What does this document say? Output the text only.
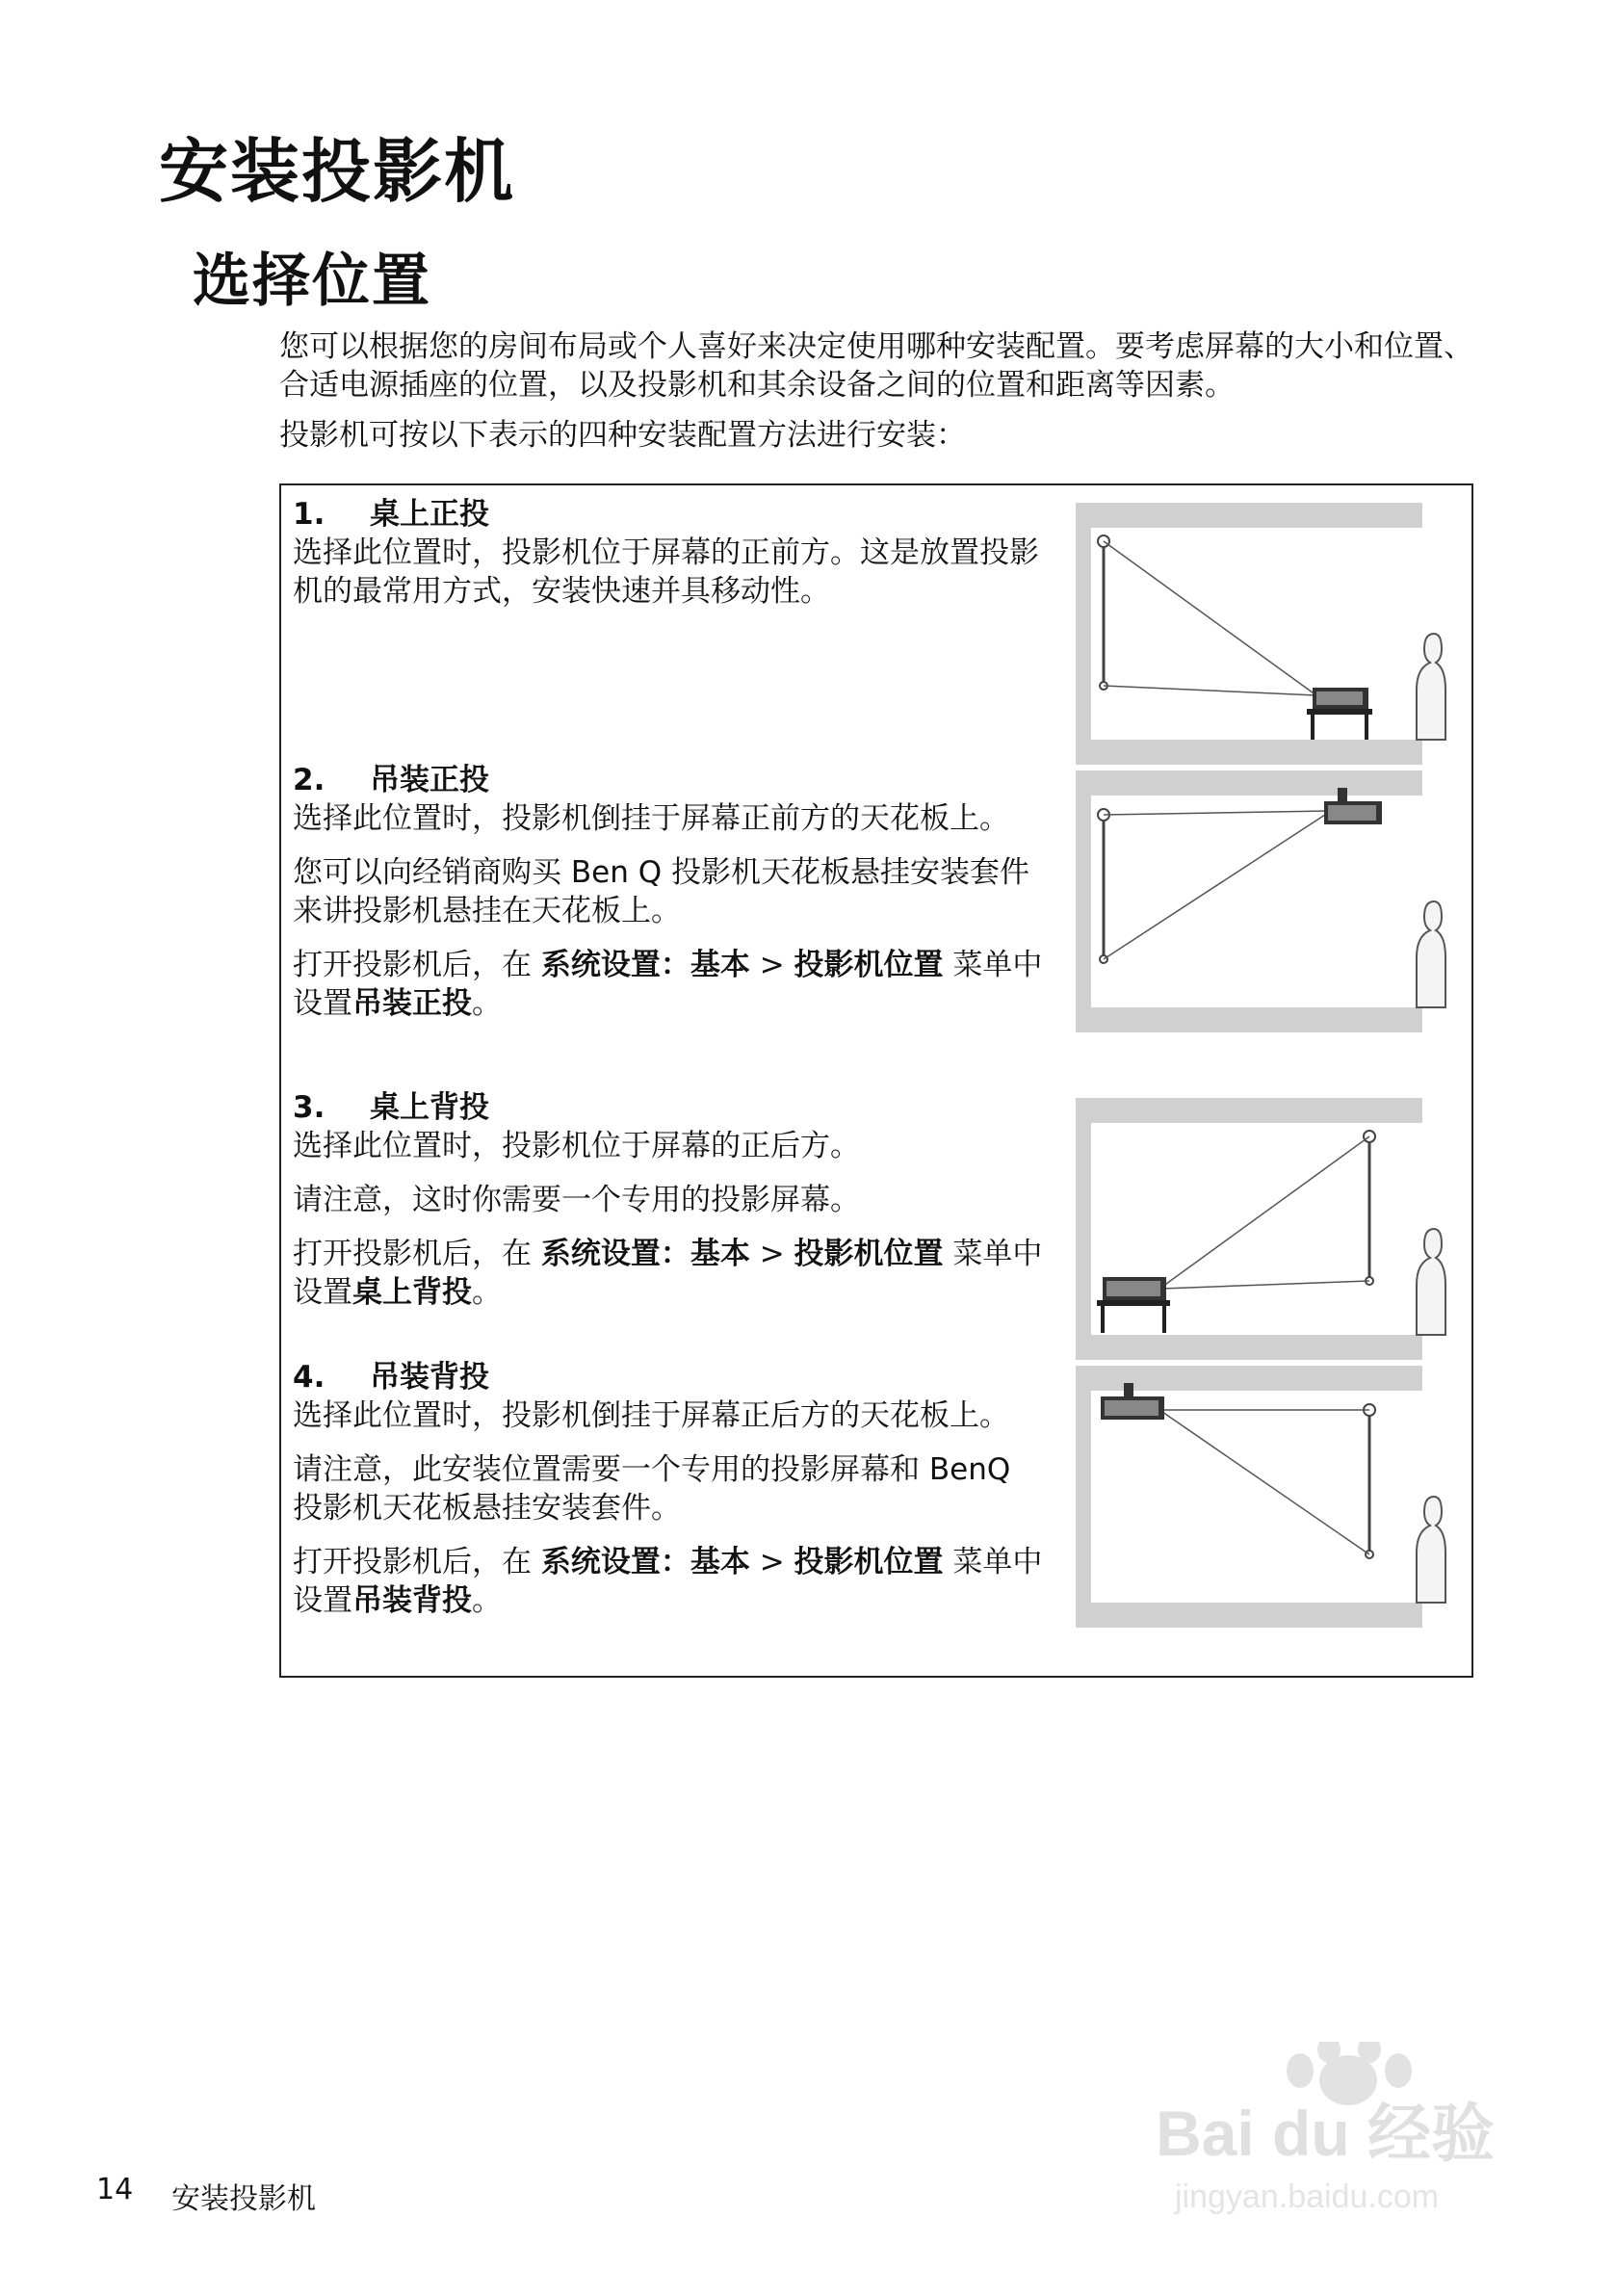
安装投影机
选择位置

您可以根据您的房间布局或个人喜好来决定使用哪种安装配置。要考虑屏幕的大小和位置、合适电源插座的位置，以及投影机和其余设备之间的位置和距离等因素。

投影机可按以下表示的四种安装配置方法进行安装：

1. 桌上正投

选择此位置时，投影机位于屏幕的正前方。这是放置投影机的最常用方式，安装快速并具移动性。

2. 吊装正投

选择此位置时，投影机倒挂于屏幕正前方的天花板上。

您可以向经销商购买 Ben Q 投影机天花板悬挂安装套件来讲投影机悬挂在天花板上。

打开投影机后，在 系统设置：基本 > 投影机位置 菜单中设置吊装正投。

3. 桌上背投

选择此位置时，投影机位于屏幕的正后方。

请注意，这时你需要一个专用的投影屏幕。

打开投影机后，在 系统设置：基本 > 投影机位置 菜单中设置桌上背投。

4. 吊装背投

选择此位置时，投影机倒挂于屏幕正后方的天花板上。

请注意，此安装位置需要一个专用的投影屏幕和 BenQ 投影机天花板悬挂安装套件。

打开投影机后，在 系统设置：基本 > 投影机位置 菜单中设置吊装背投。

14 安装投影机
Bai du 经验
jingyan.baidu.com
